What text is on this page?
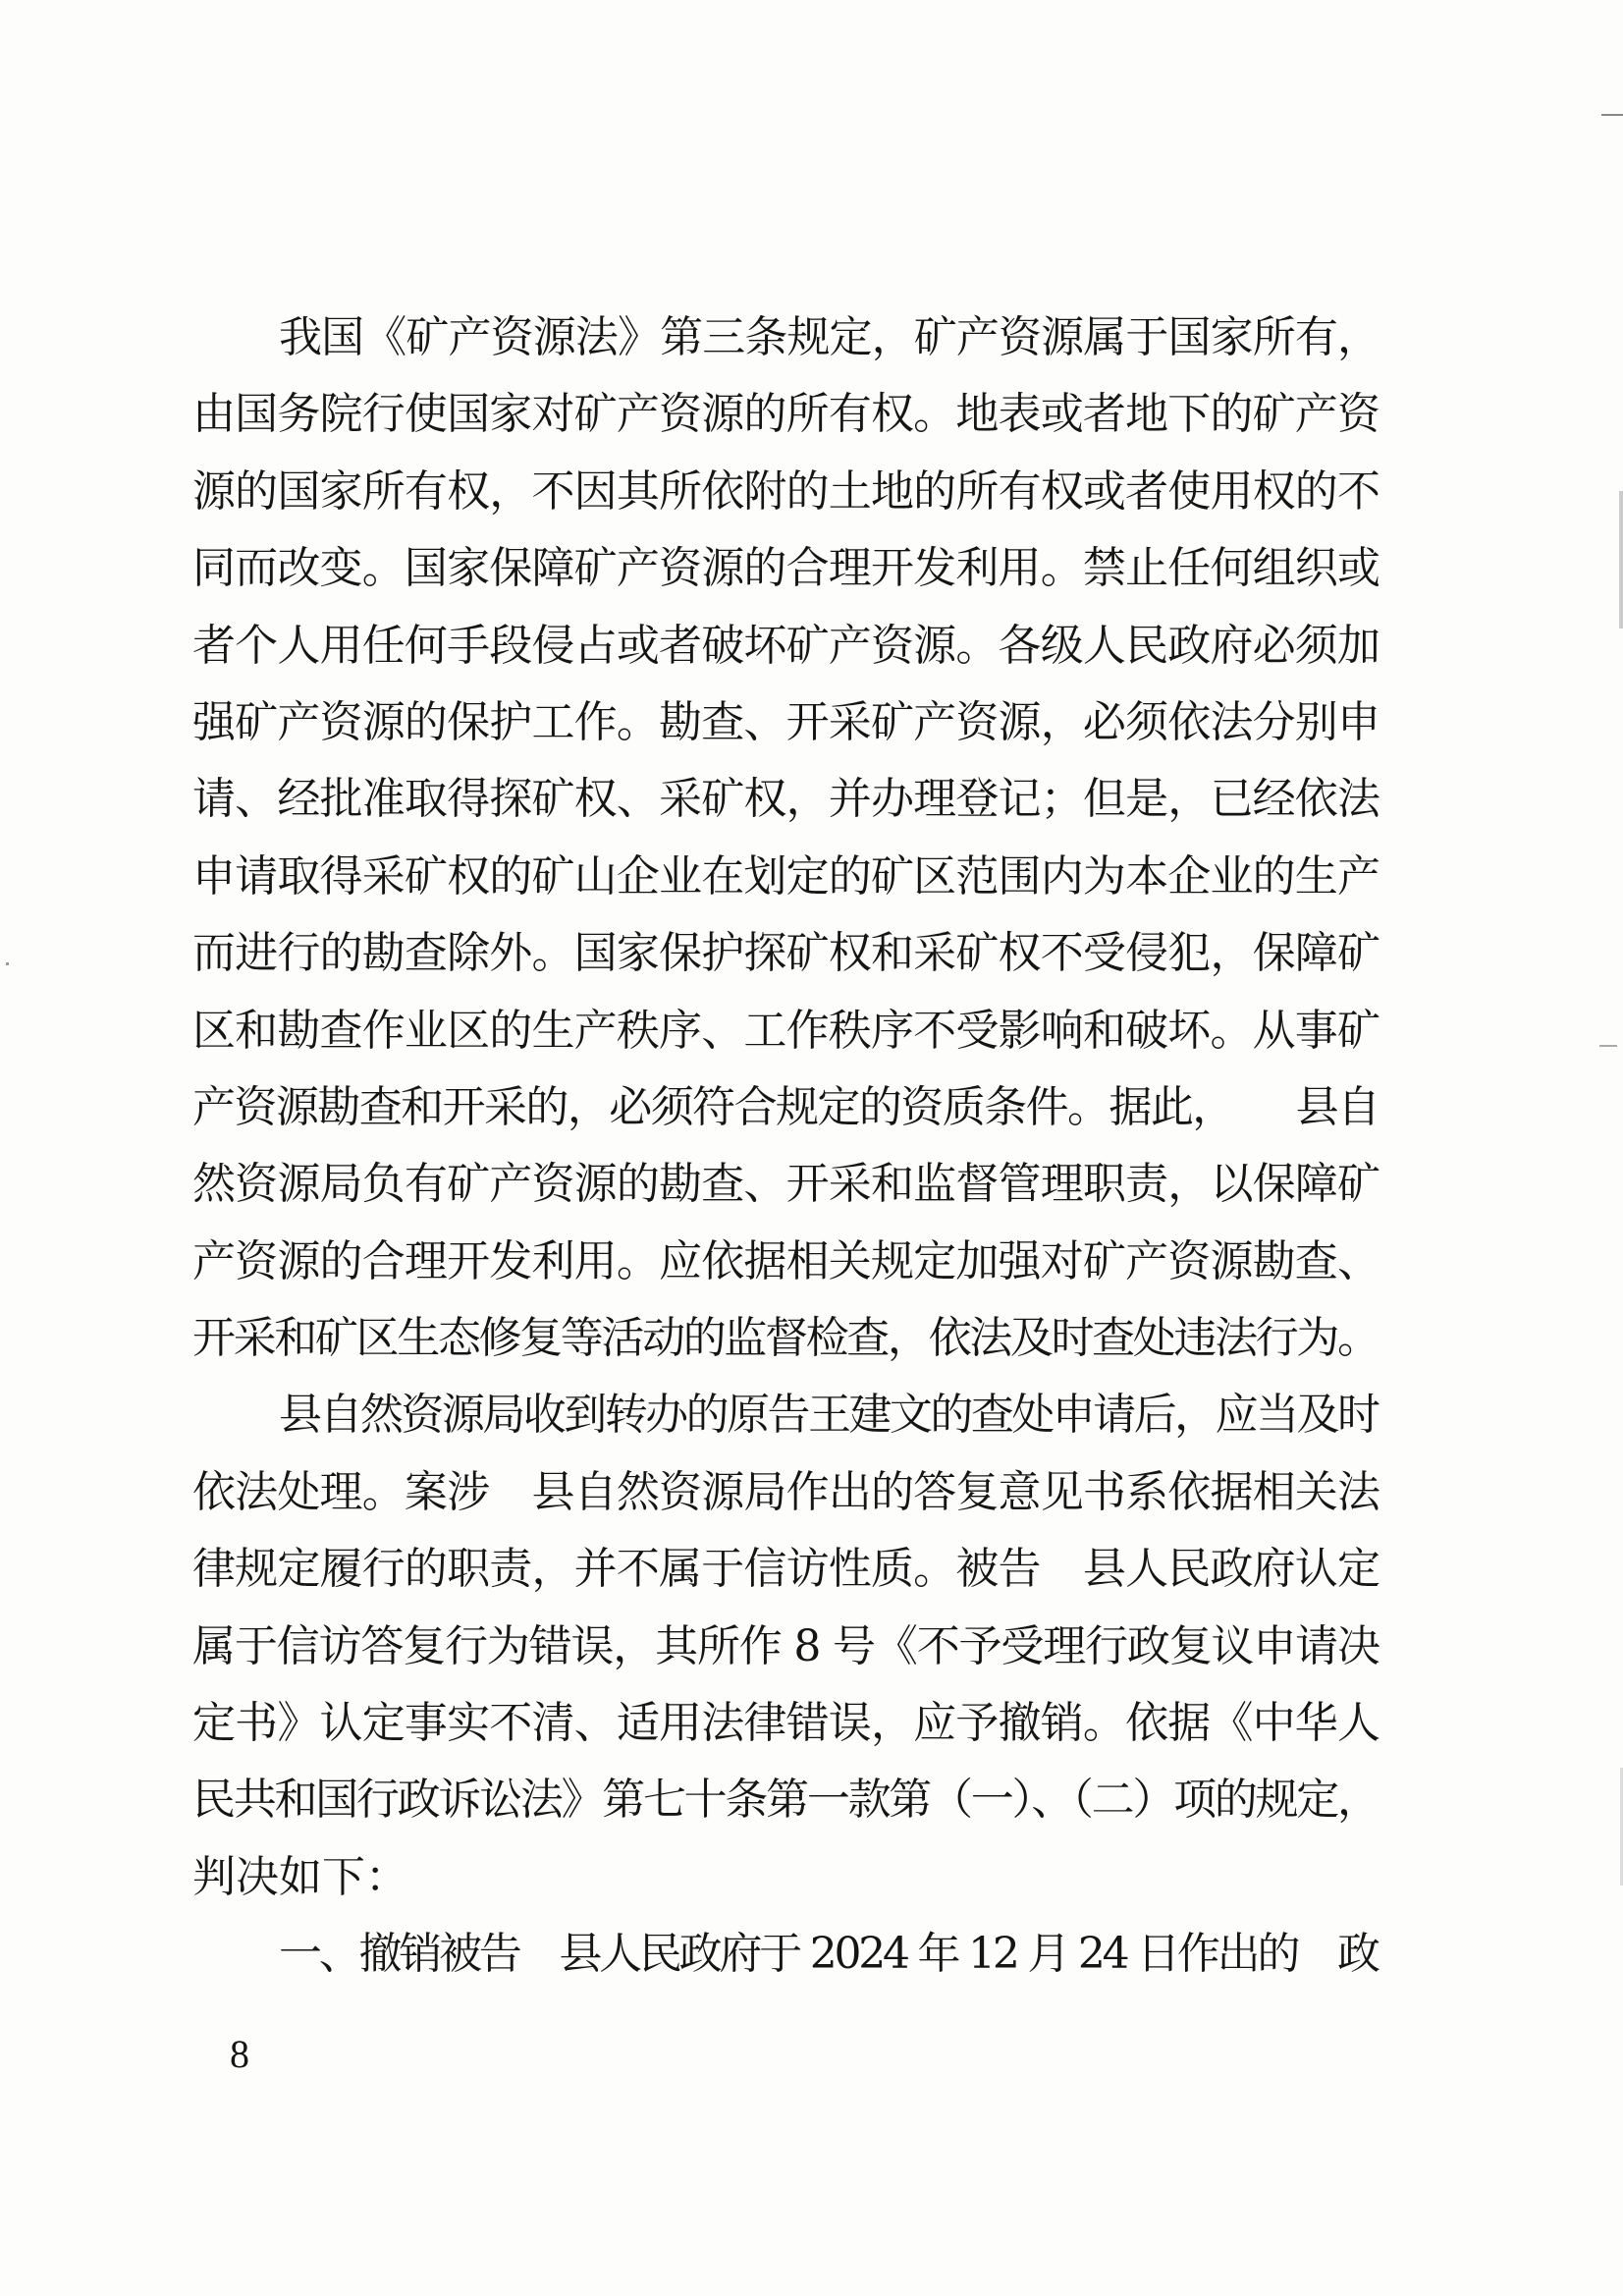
我国《矿产资源法》第三条规定，矿产资源属于国家所有，
由国务院行使国家对矿产资源的所有权。地表或者地下的矿产资
源的国家所有权，不因其所依附的土地的所有权或者使用权的不
同而改变。国家保障矿产资源的合理开发利用。禁止任何组织或
者个人用任何手段侵占或者破坏矿产资源。各级人民政府必须加
强矿产资源的保护工作。勘查、开采矿产资源，必须依法分别申
请、经批准取得探矿权、采矿权，并办理登记；但是，已经依法
申请取得采矿权的矿山企业在划定的矿区范围内为本企业的生产
而进行的勘查除外。国家保护探矿权和采矿权不受侵犯，保障矿
区和勘查作业区的生产秩序、工作秩序不受影响和破坏。从事矿
产资源勘查和开采的，必须符合规定的资质条件。据此，　　县自
然资源局负有矿产资源的勘查、开采和监督管理职责，以保障矿
产资源的合理开发利用。应依据相关规定加强对矿产资源勘查、
开采和矿区生态修复等活动的监督检查，依法及时查处违法行为。
县自然资源局收到转办的原告王建文的查处申请后，应当及时
依法处理。案涉　县自然资源局作出的答复意见书系依据相关法
律规定履行的职责，并不属于信访性质。被告　县人民政府认定
属于信访答复行为错误，其所作 8 号《不予受理行政复议申请决
定书》认定事实不清、适用法律错误，应予撤销。依据《中华人
民共和国行政诉讼法》第七十条第一款第（一）、（二）项的规定，
判决如下：
一、撤销被告　县人民政府于 2024 年 12 月 24 日作出的　政
8
